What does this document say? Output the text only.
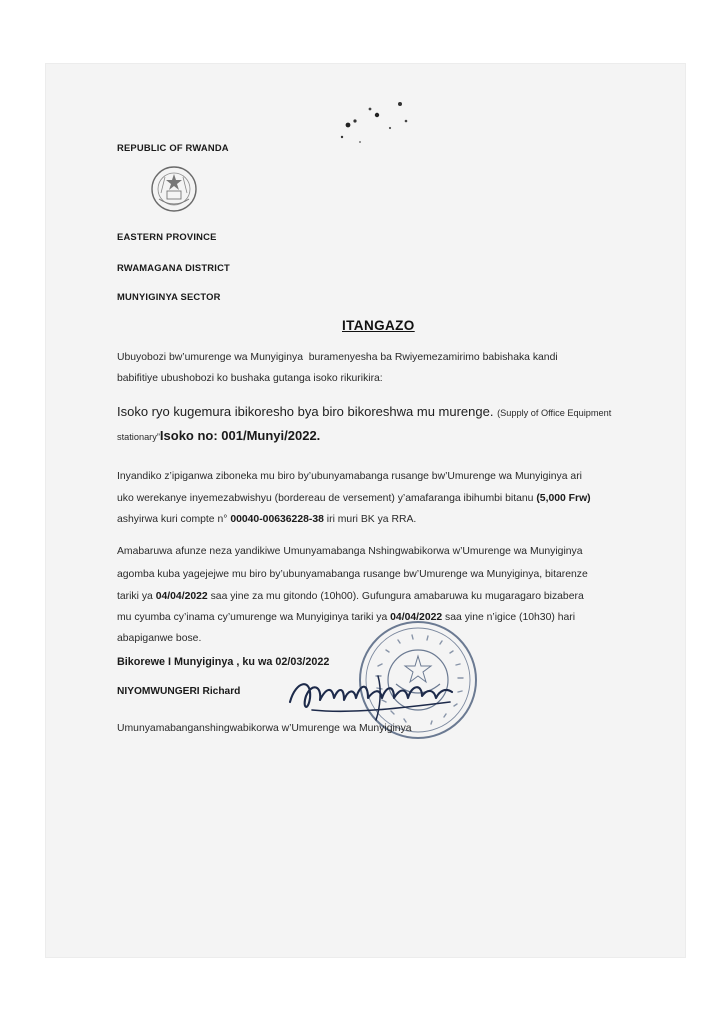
REPUBLIC OF RWANDA

EASTERN PROVINCE

RWAMAGANA DISTRICT

MUNYIGINYA SECTOR

ITANGAZO

Ubuyobozi bw’umurenge wa Munyiginya  buramenyesha ba Rwiyemezamirimo babishaka kandi

babifitiye ubushobozi ko bushaka gutanga isoko rikurikira:

Isoko ryo kugemura ibikoresho bya biro bikoreshwa mu murenge. (Supply of Office Equipment

stationary”Isoko no: 001/Munyi/2022.

Inyandiko z’ipiganwa ziboneka mu biro by’ubunyamabanga rusange bw’Umurenge wa Munyiginya ari

uko werekanye inyemezabwishyu (bordereau de versement) y’amafaranga ibihumbi bitanu (5,000 Frw)

ashyirwa kuri compte n° 00040-00636228-38 iri muri BK ya RRA.

Amabaruwa afunze neza yandikiwe Umunyamabanga Nshingwabikorwa w’Umurenge wa Munyiginya

agomba kuba yagejejwe mu biro by’ubunyamabanga rusange bw’Umurenge wa Munyiginya, bitarenze

tariki ya 04/04/2022 saa yine za mu gitondo (10h00). Gufungura amabaruwa ku mugaragaro bizabera

mu cyumba cy’inama cy’umurenge wa Munyiginya tariki ya 04/04/2022 saa yine n’igice (10h30) hari

abapiganwe bose.

Bikorewe I Munyiginya , ku wa 02/03/2022

NIYOMWUNGERI Richard

Umunyamabanganshingwabikorwa w’Umurenge wa Munyiginya
